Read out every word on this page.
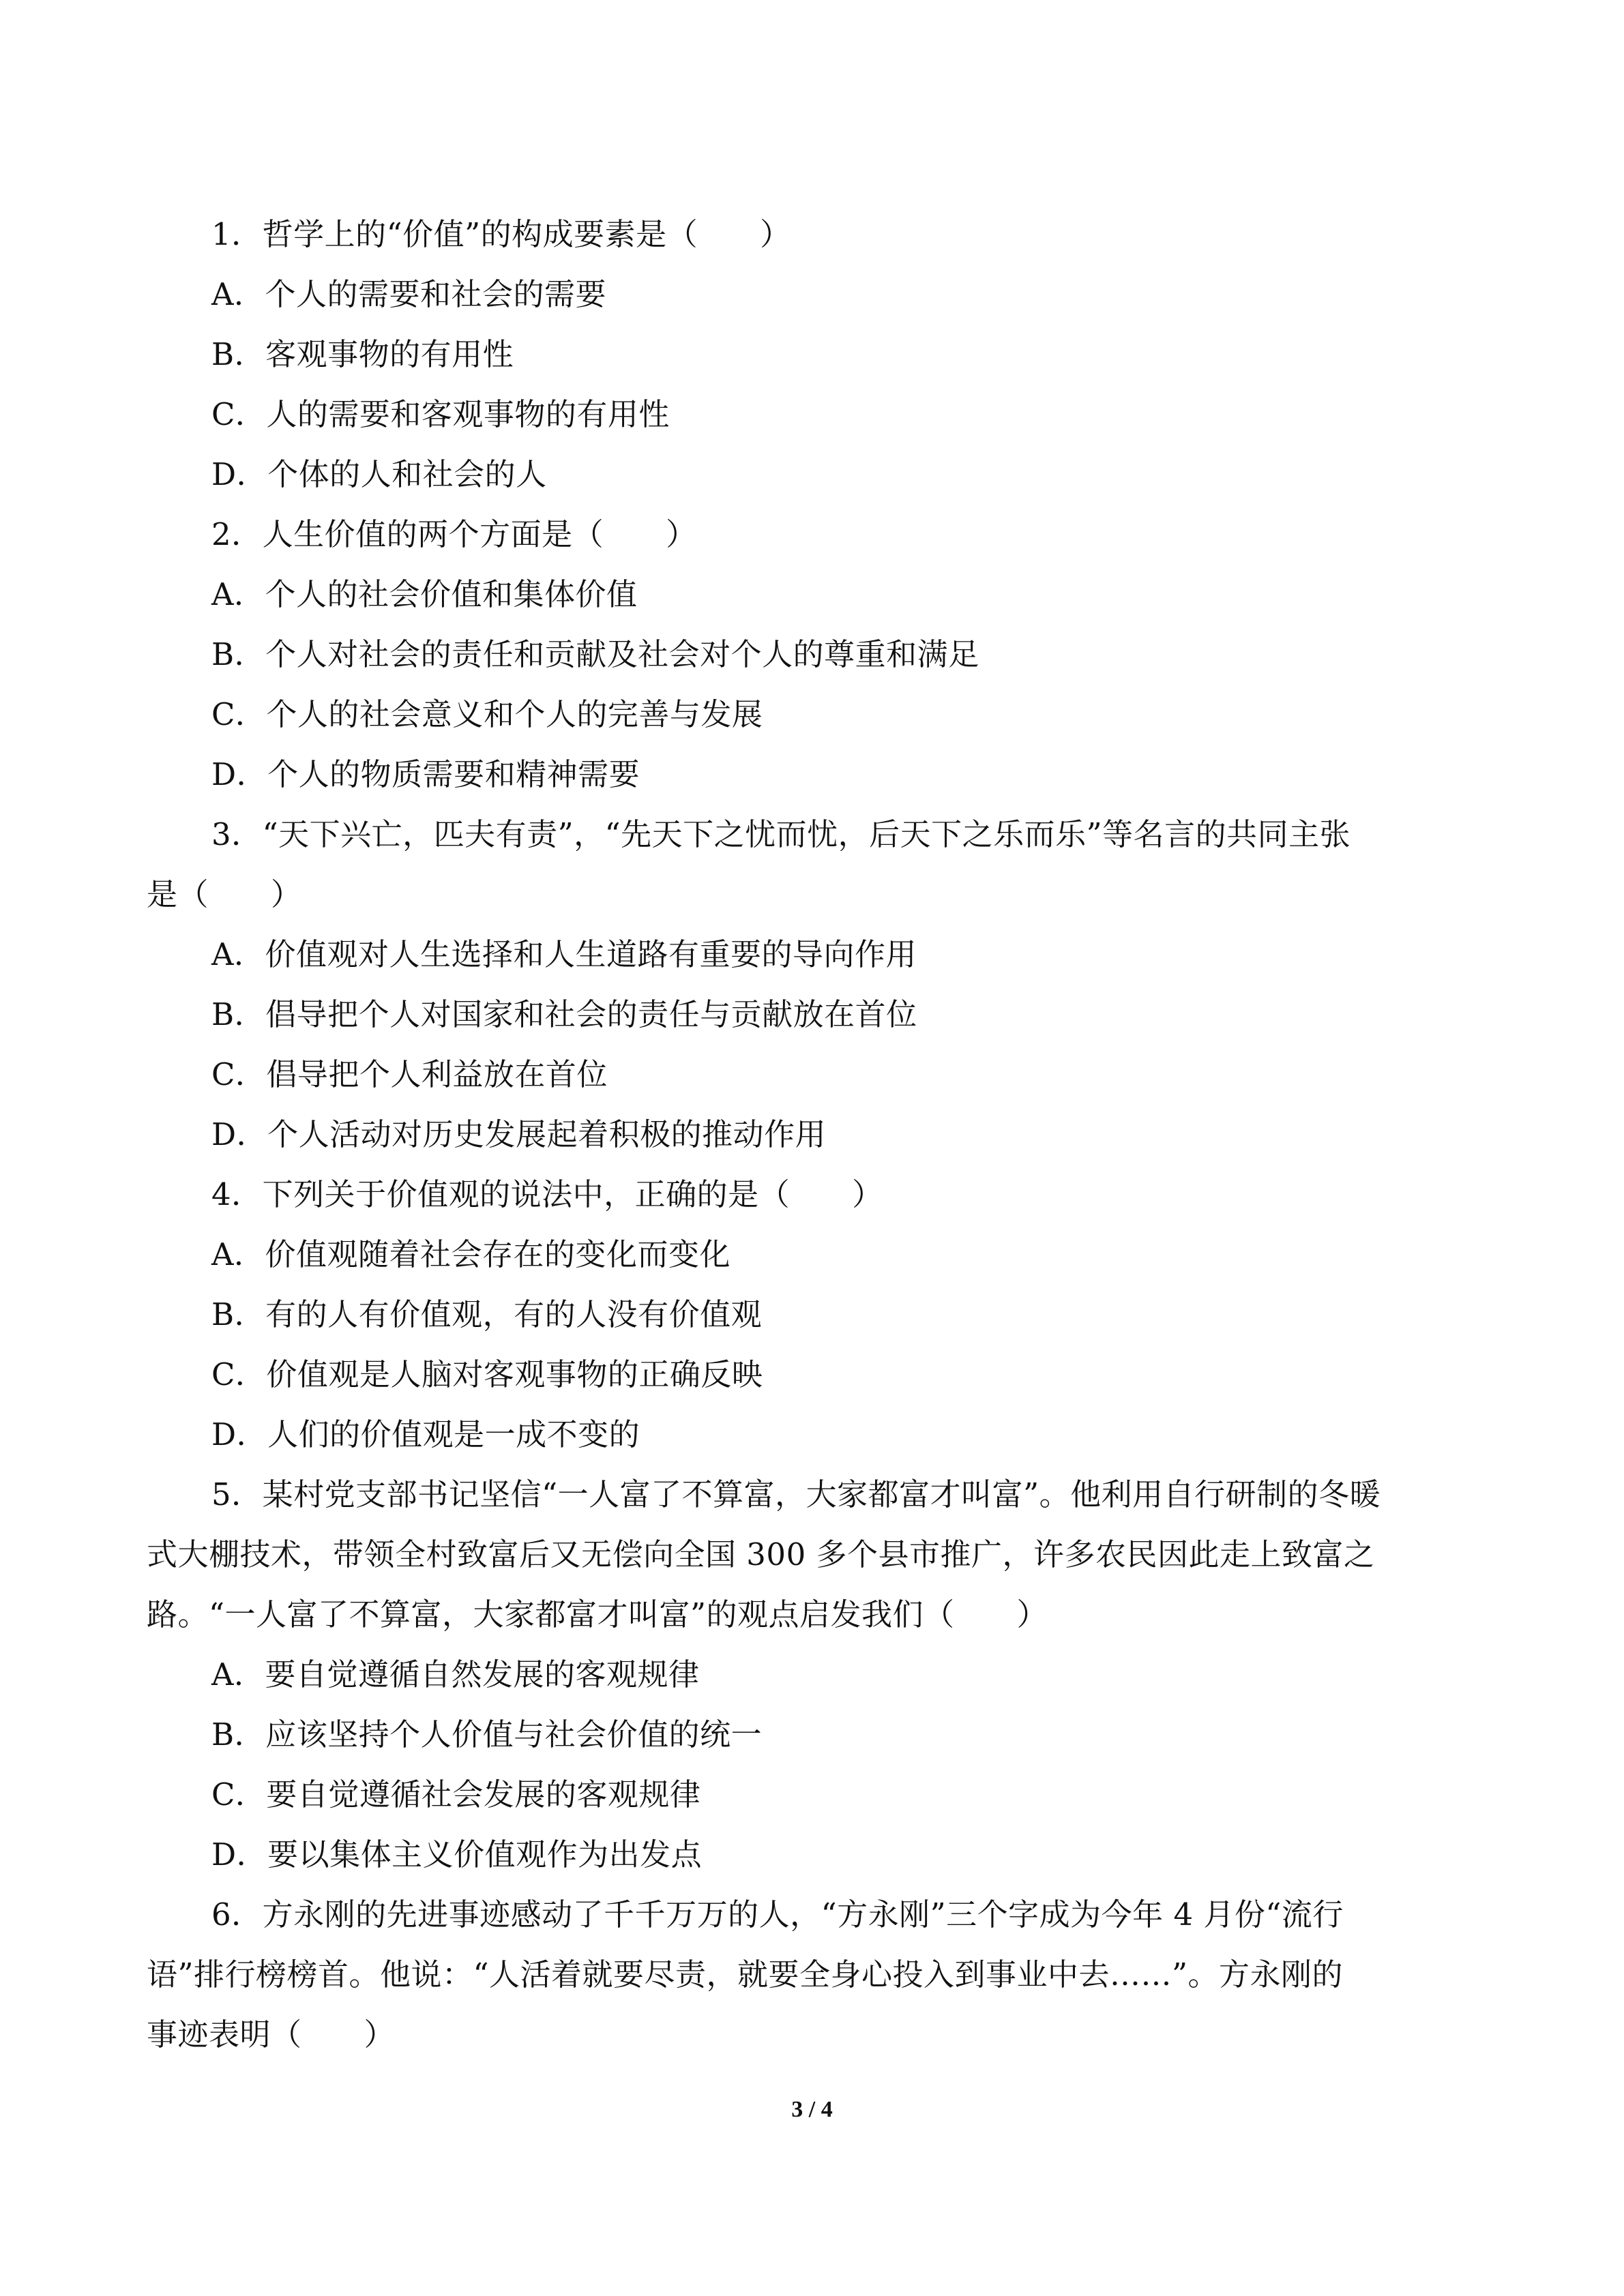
1．哲学上的“价值”的构成要素是（　　）
A．个人的需要和社会的需要
B．客观事物的有用性
C．人的需要和客观事物的有用性
D．个体的人和社会的人
2．人生价值的两个方面是（　　）
A．个人的社会价值和集体价值
B．个人对社会的责任和贡献及社会对个人的尊重和满足
C．个人的社会意义和个人的完善与发展
D．个人的物质需要和精神需要
3．“天下兴亡，匹夫有责”，“先天下之忧而忧，后天下之乐而乐”等名言的共同主张
是（　　）
A．价值观对人生选择和人生道路有重要的导向作用
B．倡导把个人对国家和社会的责任与贡献放在首位
C．倡导把个人利益放在首位
D．个人活动对历史发展起着积极的推动作用
4．下列关于价值观的说法中，正确的是（　　）
A．价值观随着社会存在的变化而变化
B．有的人有价值观，有的人没有价值观
C．价值观是人脑对客观事物的正确反映
D．人们的价值观是一成不变的
5．某村党支部书记坚信“一人富了不算富，大家都富才叫富”。他利用自行研制的冬暖
式大棚技术，带领全村致富后又无偿向全国 300 多个县市推广，许多农民因此走上致富之
路。“一人富了不算富，大家都富才叫富”的观点启发我们（　　）
A．要自觉遵循自然发展的客观规律
B．应该坚持个人价值与社会价值的统一
C．要自觉遵循社会发展的客观规律
D．要以集体主义价值观作为出发点
6．方永刚的先进事迹感动了千千万万的人，“方永刚”三个字成为今年 4 月份“流行
语”排行榜榜首。他说：“人活着就要尽责，就要全身心投入到事业中去……”。方永刚的
事迹表明（　　）
3 / 4
